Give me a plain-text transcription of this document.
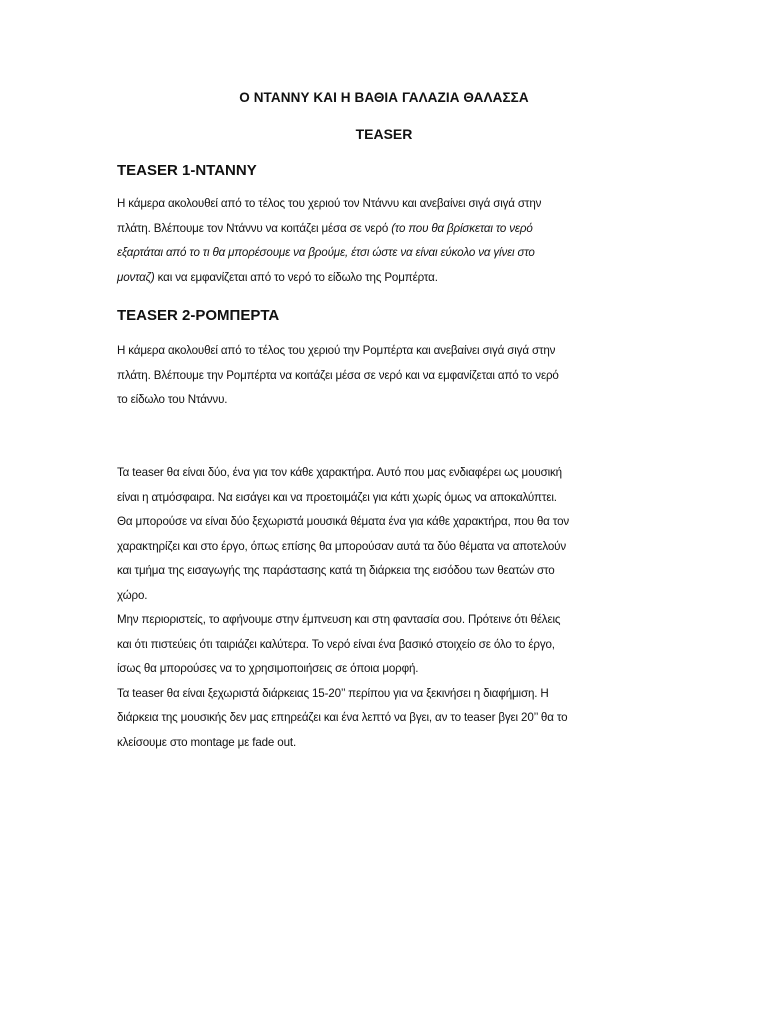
Ο ΝΤΑΝΝΥ ΚΑΙ Η ΒΑΘΙΑ ΓΑΛΑΖΙΑ ΘΑΛΑΣΣΑ
TEASER
TEASER 1-ΝΤΑΝΝΥ

Η κάμερα ακολουθεί από το τέλος του χεριού τον Ντάννυ και ανεβαίνει σιγά σιγά στην
πλάτη. Βλέπουμε τον Ντάννυ να κοιτάζει μέσα σε νερό (το που θα βρίσκεται το νερό
εξαρτάται από το τι θα μπορέσουμε να βρούμε, έτσι ώστε να είναι εύκολο να γίνει στο
μονταζ) και να εμφανίζεται από το νερό το είδωλο της Ρομπέρτα.

TEASER 2-ΡΟΜΠΕΡΤΑ

Η κάμερα ακολουθεί από το τέλος του χεριού την Ρομπέρτα και ανεβαίνει σιγά σιγά στην
πλάτη. Βλέπουμε την Ρομπέρτα να κοιτάζει μέσα σε νερό και να εμφανίζεται από το νερό
το είδωλο του Ντάννυ.

Τα teaser θα είναι δύο, ένα για τον κάθε χαρακτήρα. Αυτό που μας ενδιαφέρει ως μουσική
είναι η ατμόσφαιρα. Να εισάγει και να προετοιμάζει για κάτι χωρίς όμως να αποκαλύπτει.
Θα μπορούσε να είναι δύο ξεχωριστά μουσικά θέματα ένα για κάθε χαρακτήρα, που θα τον
χαρακτηρίζει και στο έργο, όπως επίσης θα μπορούσαν αυτά τα δύο θέματα να αποτελούν
και τμήμα της εισαγωγής της παράστασης κατά τη διάρκεια της εισόδου των θεατών στο
χώρο.
Μην περιοριστείς, το αφήνουμε στην έμπνευση και στη φαντασία σου. Πρότεινε ότι θέλεις
και ότι πιστεύεις ότι ταιριάζει καλύτερα. Το νερό είναι ένα βασικό στοιχείο σε όλο το έργο,
ίσως θα μπορούσες να το χρησιμοποιήσεις σε όποια μορφή.
Τα teaser θα είναι ξεχωριστά διάρκειας 15-20’’ περίπου για να ξεκινήσει η διαφήμιση. Η
διάρκεια της μουσικής δεν μας επηρεάζει και ένα λεπτό να βγει, αν το teaser βγει 20’’ θα το
κλείσουμε στο montage με fade out.
